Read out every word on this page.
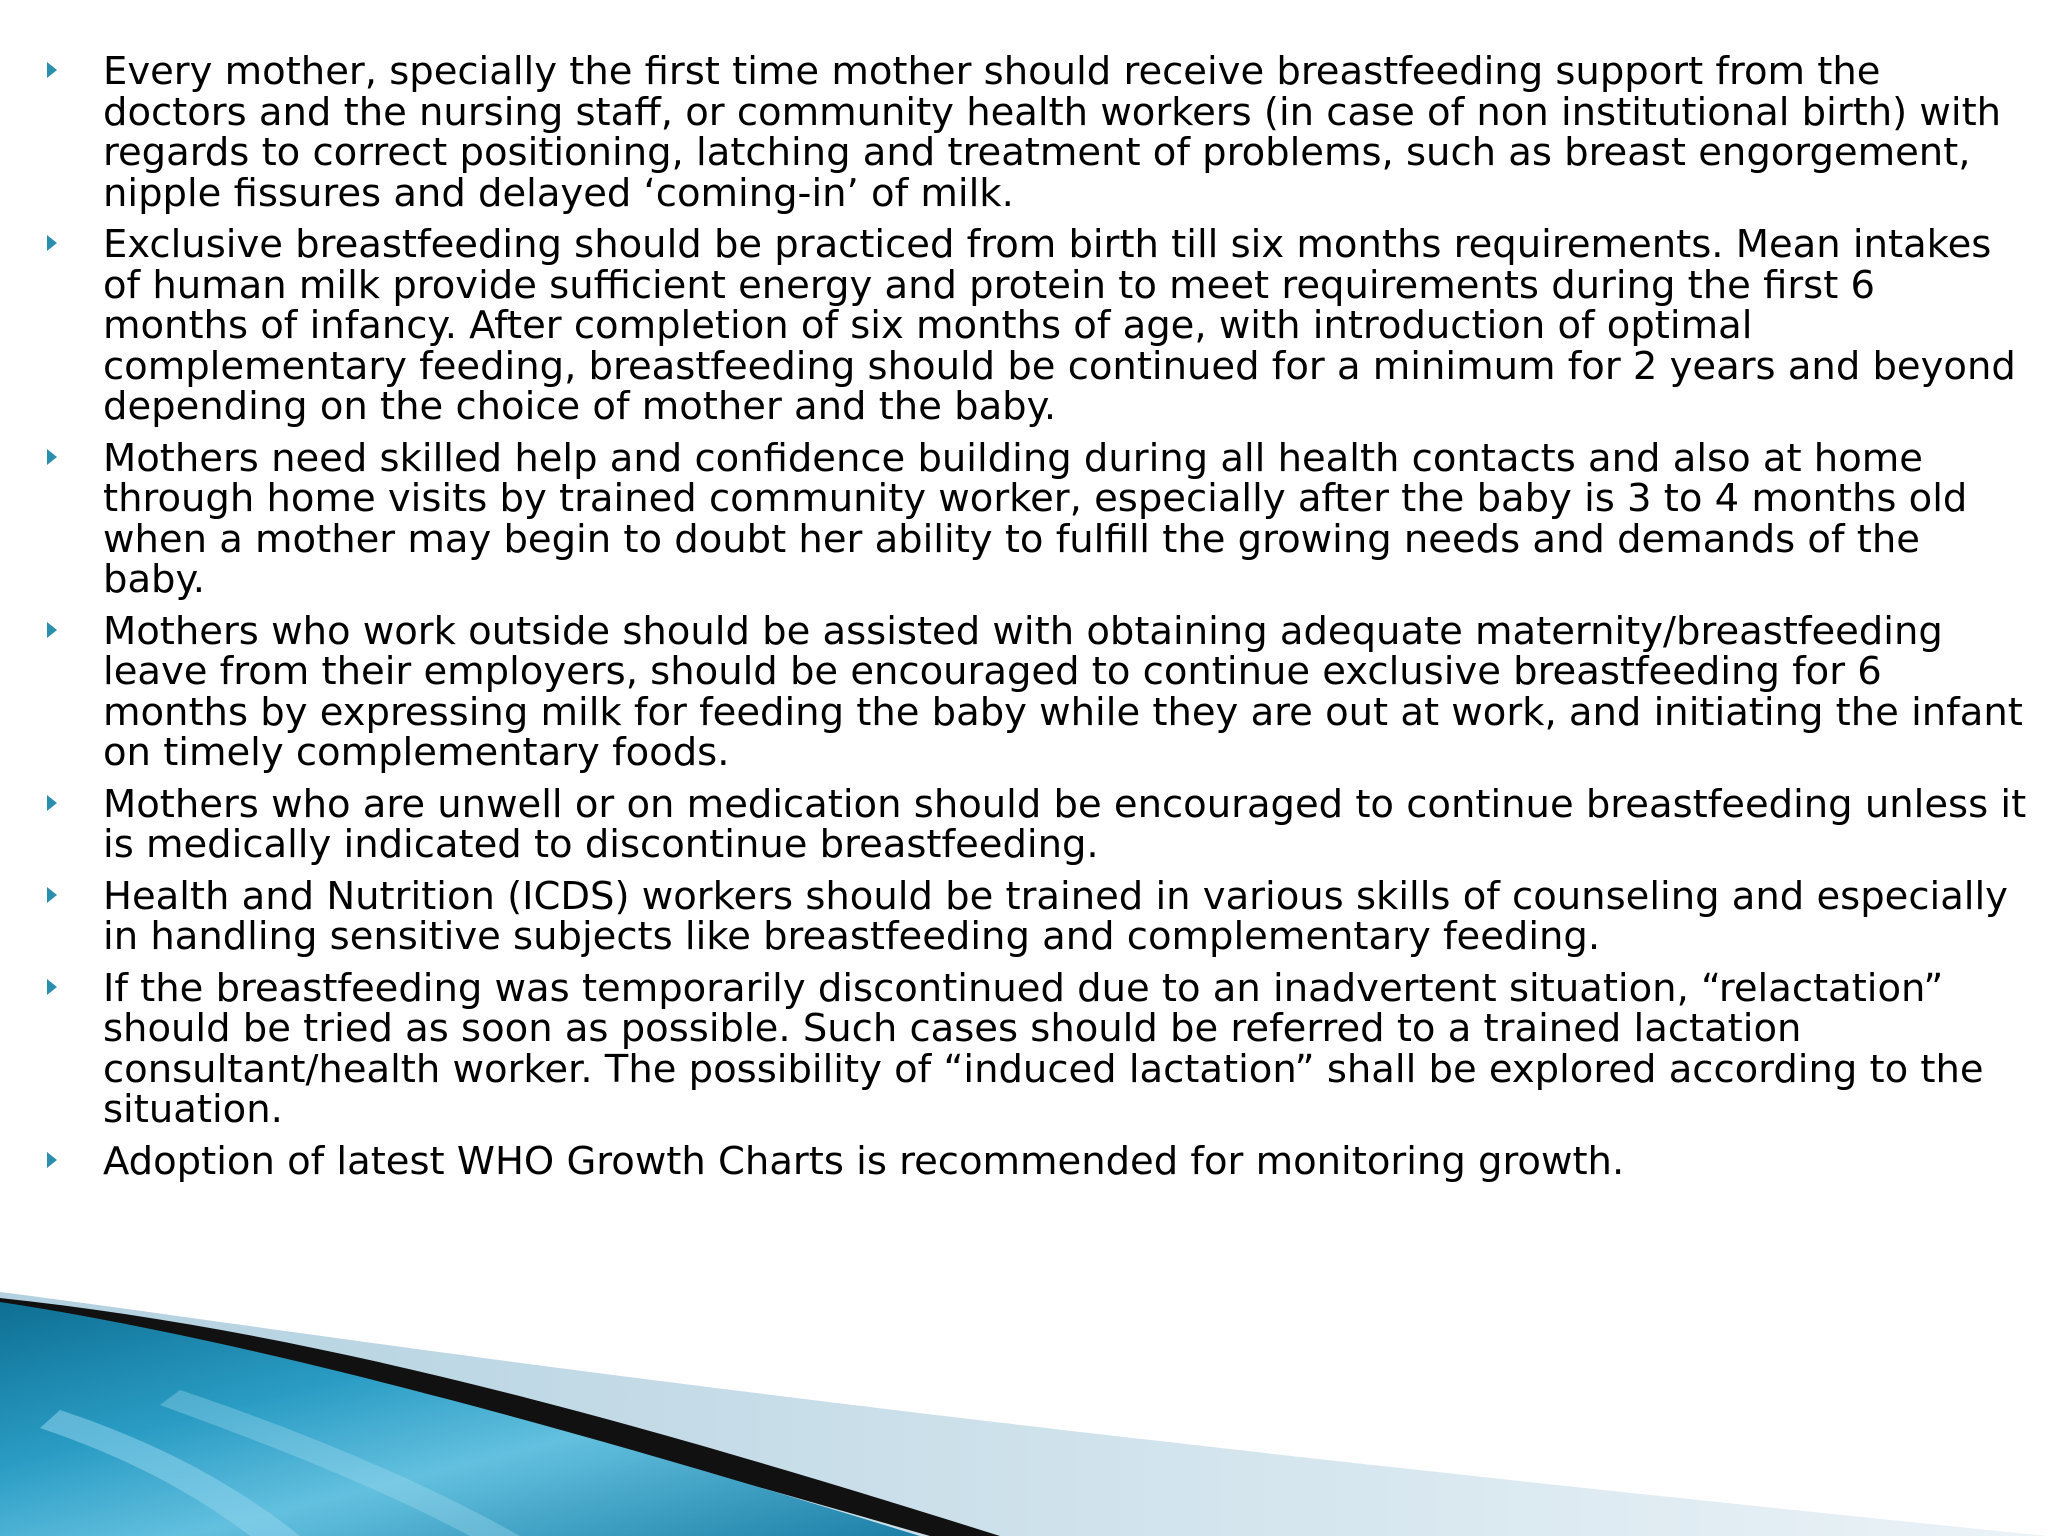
Every mother, specially the first time mother should receive breastfeeding support from the doctors and the nursing staff, or community health workers (in case of non institutional birth) with regards to correct positioning, latching and treatment of problems, such as breast engorgement, nipple fissures and delayed ‘coming-in’ of milk.
Exclusive breastfeeding should be practiced from birth till six months requirements. Mean intakes of human milk provide sufficient energy and protein to meet requirements during the first 6 months of infancy. After completion of six months of age, with introduction of optimal complementary feeding, breastfeeding should be continued for a minimum for 2 years and beyond depending on the choice of mother and the baby.
Mothers need skilled help and confidence building during all health contacts and also at home through home visits by trained community worker, especially after the baby is 3 to 4 months old when a mother may begin to doubt her ability to fulfill the growing needs and demands of the baby.
Mothers who work outside should be assisted with obtaining adequate maternity/breastfeeding leave from their employers, should be encouraged to continue exclusive breastfeeding for 6 months by expressing milk for feeding the baby while they are out at work, and initiating the infant on timely complementary foods.
Mothers who are unwell or on medication should be encouraged to continue breastfeeding unless it is medically indicated to discontinue breastfeeding.
Health and Nutrition (ICDS) workers should be trained in various skills of counseling and especially in handling sensitive subjects like breastfeeding and complementary feeding.
If the breastfeeding was temporarily discontinued due to an inadvertent situation, “relactation” should be tried as soon as possible. Such cases should be referred to a trained lactation consultant/health worker. The possibility of “induced lactation” shall be explored according to the situation.
Adoption of latest WHO Growth Charts is recommended for monitoring growth.
